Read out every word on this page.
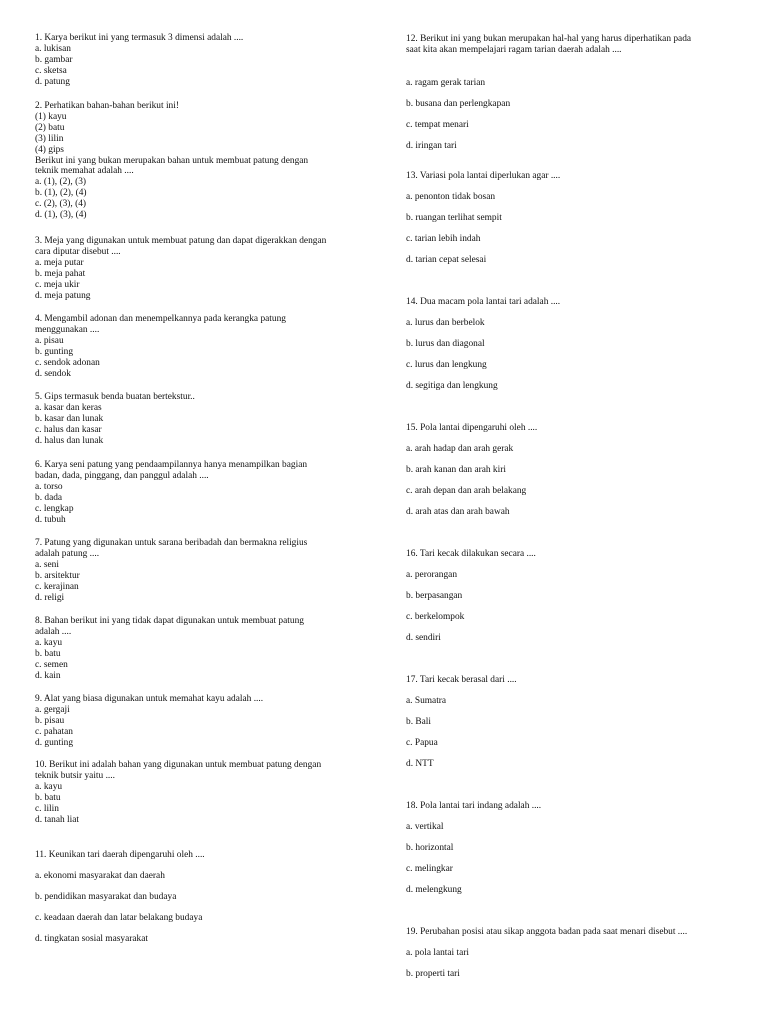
1. Karya berikut ini yang termasuk 3 dimensi adalah ....
a. lukisan
b. gambar
c. sketsa
d. patung
2. Perhatikan bahan-bahan berikut ini!
(1) kayu
(2) batu
(3) lilin
(4) gips
Berikut ini yang bukan merupakan bahan untuk membuat patung dengan
teknik memahat adalah ....
a. (1), (2), (3)
b. (1), (2), (4)
c. (2), (3), (4)
d. (1), (3), (4)
3. Meja yang digunakan untuk membuat patung dan dapat digerakkan dengan
cara diputar disebut ....
a. meja putar
b. meja pahat
c. meja ukir
d. meja patung
4. Mengambil adonan dan menempelkannya pada kerangka patung
menggunakan ....
a. pisau
b. gunting
c. sendok adonan
d. sendok
5. Gips termasuk benda buatan bertekstur..
a. kasar dan keras
b. kasar dan lunak
c. halus dan kasar
d. halus dan lunak
6. Karya seni patung yang pendaampilannya hanya menampilkan bagian
badan, dada, pinggang, dan panggul adalah ....
a. torso
b. dada
c. lengkap
d. tubuh
7. Patung yang digunakan untuk sarana beribadah dan bermakna religius
adalah patung ....
a. seni
b. arsitektur
c. kerajinan
d. religi
8. Bahan berikut ini yang tidak dapat digunakan untuk membuat patung
adalah ....
a. kayu
b. batu
c. semen
d. kain
9. Alat yang biasa digunakan untuk memahat kayu adalah ....
a. gergaji
b. pisau
c. pahatan
d. gunting
10. Berikut ini adalah bahan yang digunakan untuk membuat patung dengan
teknik butsir yaitu ....
a. kayu
b. batu
c. lilin
d. tanah liat
11. Keunikan tari daerah dipengaruhi oleh ....
a. ekonomi masyarakat dan daerah
b. pendidikan masyarakat dan budaya
c. keadaan daerah dan latar belakang budaya
d. tingkatan sosial masyarakat
12. Berikut ini yang bukan merupakan hal-hal yang harus diperhatikan pada
saat kita akan mempelajari ragam tarian daerah adalah ....
a. ragam gerak tarian
b. busana dan perlengkapan
c. tempat menari
d. iringan tari
13. Variasi pola lantai diperlukan agar ....
a. penonton tidak bosan
b. ruangan terlihat sempit
c. tarian lebih indah
d. tarian cepat selesai
14. Dua macam pola lantai tari adalah ....
a. lurus dan berbelok
b. lurus dan diagonal
c. lurus dan lengkung
d. segitiga dan lengkung
15. Pola lantai dipengaruhi oleh ....
a. arah hadap dan arah gerak
b. arah kanan dan arah kiri
c. arah depan dan arah belakang
d. arah atas dan arah bawah
16. Tari kecak dilakukan secara ....
a. perorangan
b. berpasangan
c. berkelompok
d. sendiri
17. Tari kecak berasal dari ....
a. Sumatra
b. Bali
c. Papua
d. NTT
18. Pola lantai tari indang adalah ....
a. vertikal
b. horizontal
c. melingkar
d. melengkung
19. Perubahan posisi atau sikap anggota badan pada saat menari disebut ....
a. pola lantai tari
b. properti tari
